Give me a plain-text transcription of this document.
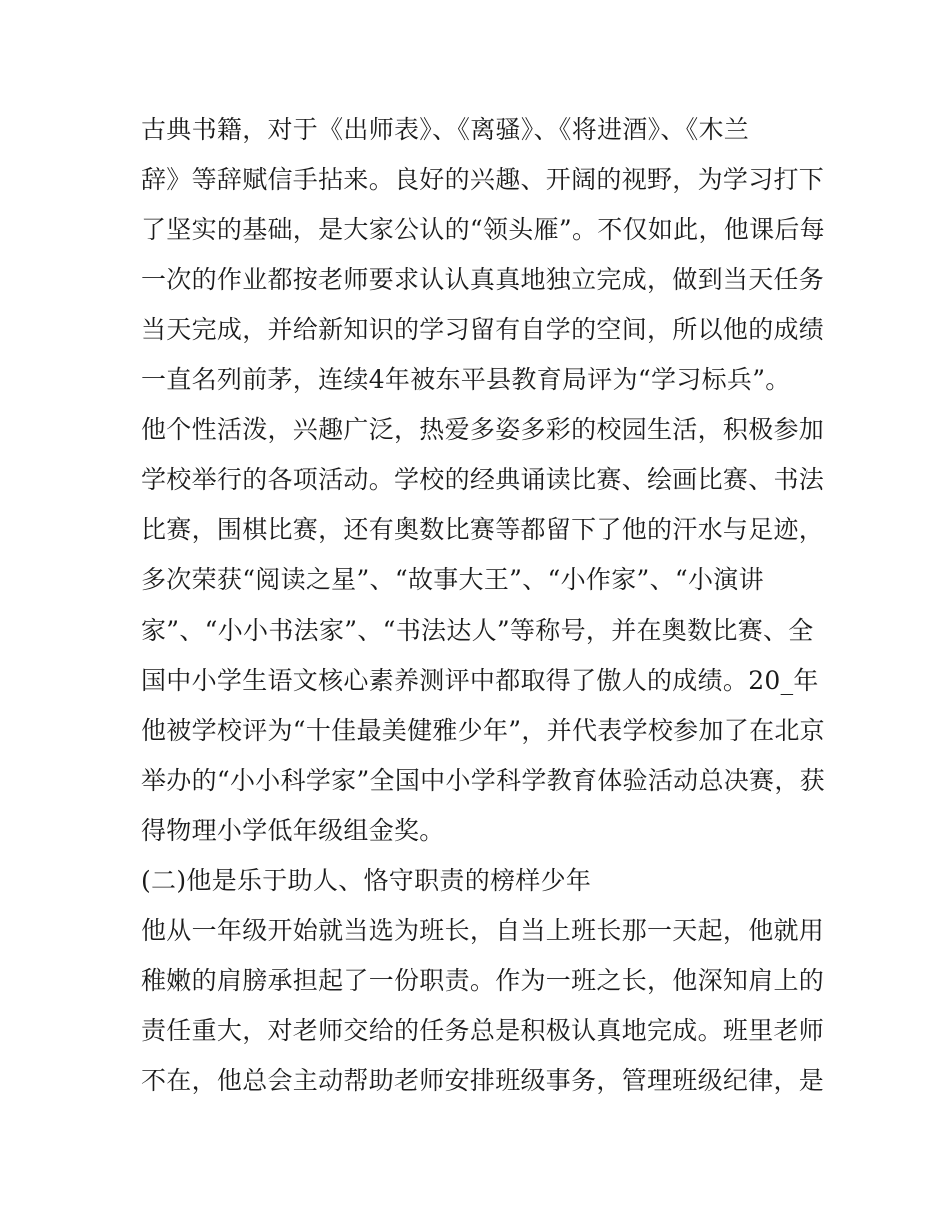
古典书籍，对于《出师表》、《离骚》、《将进酒》、《木兰
辞》等辞赋信手拈来。良好的兴趣、开阔的视野，为学习打下
了坚实的基础，是大家公认的“领头雁”。不仅如此，他课后每
一次的作业都按老师要求认认真真地独立完成，做到当天任务
当天完成，并给新知识的学习留有自学的空间，所以他的成绩
一直名列前茅，连续4年被东平县教育局评为“学习标兵”。
他个性活泼，兴趣广泛，热爱多姿多彩的校园生活，积极参加
学校举行的各项活动。学校的经典诵读比赛、绘画比赛、书法
比赛，围棋比赛，还有奥数比赛等都留下了他的汗水与足迹，
多次荣获“阅读之星”、“故事大王”、“小作家”、“小演讲
家”、“小小书法家”、“书法达人”等称号，并在奥数比赛、全
国中小学生语文核心素养测评中都取得了傲人的成绩。20_年
他被学校评为“十佳最美健雅少年”，并代表学校参加了在北京
举办的“小小科学家”全国中小学科学教育体验活动总决赛，获
得物理小学低年级组金奖。
(二)他是乐于助人、恪守职责的榜样少年
他从一年级开始就当选为班长，自当上班长那一天起，他就用
稚嫩的肩膀承担起了一份职责。作为一班之长，他深知肩上的
责任重大，对老师交给的任务总是积极认真地完成。班里老师
不在，他总会主动帮助老师安排班级事务，管理班级纪律，是
